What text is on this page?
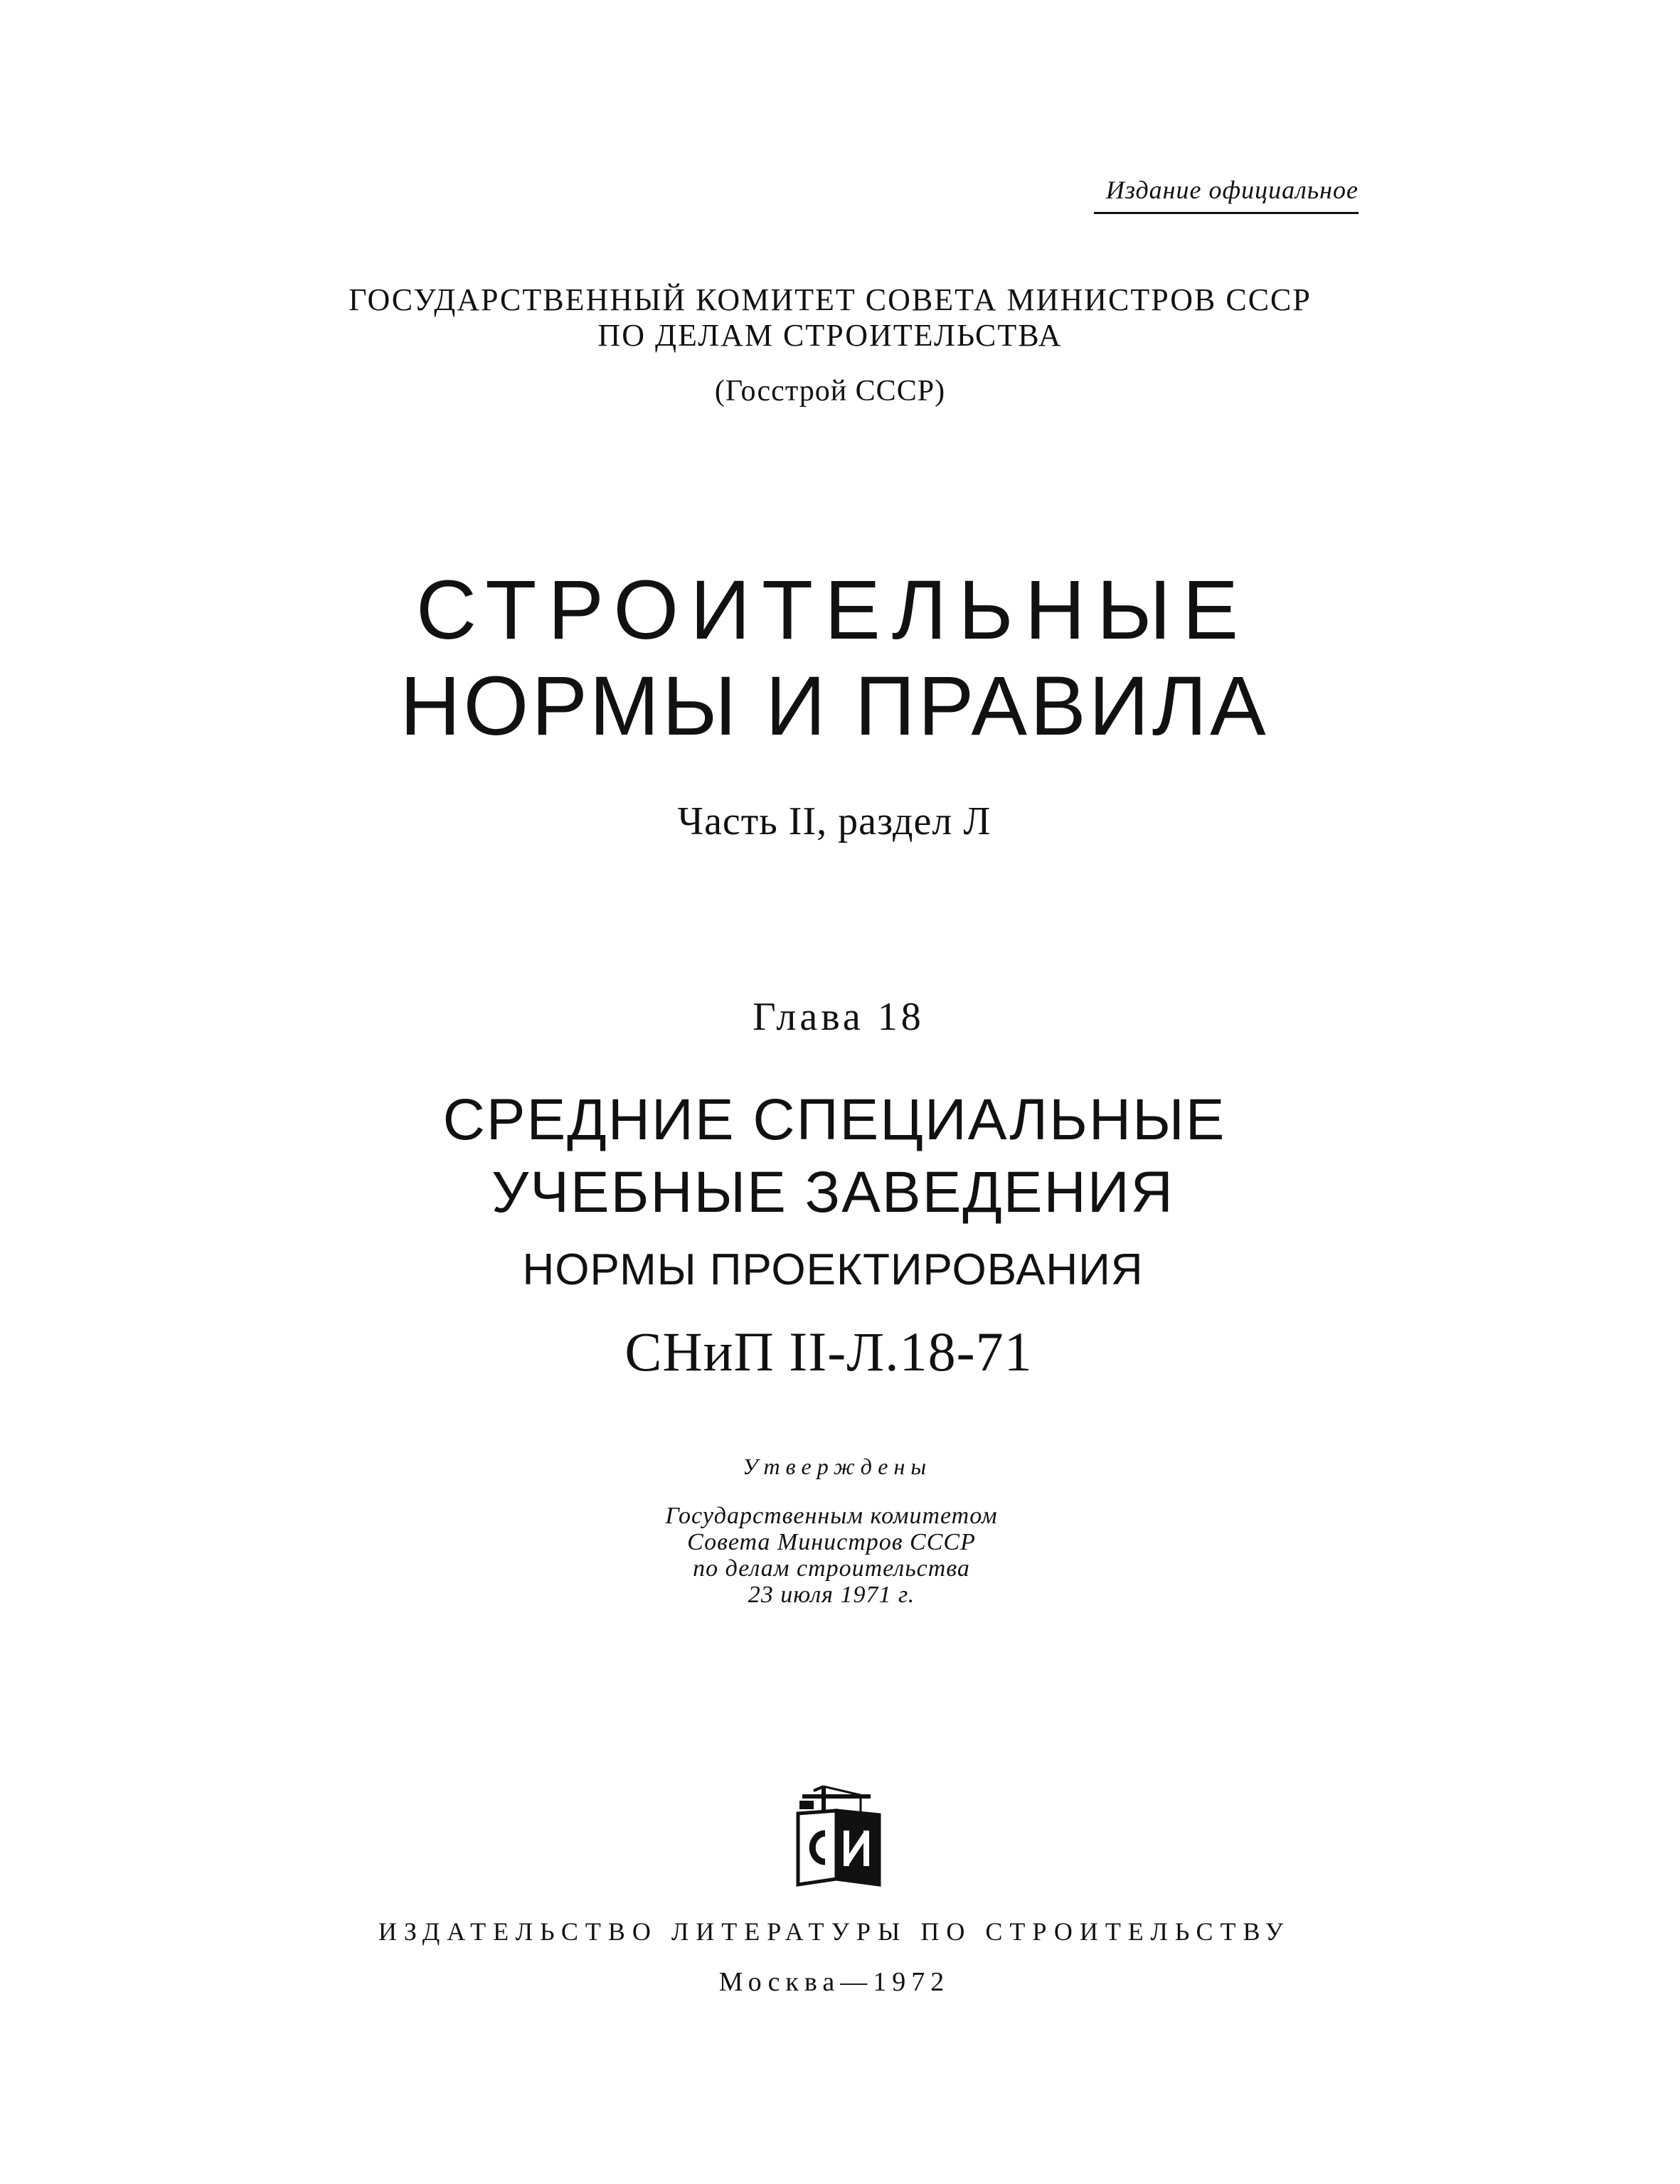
Издание официальное
ГОСУДАРСТВЕННЫЙ КОМИТЕТ СОВЕТА МИНИСТРОВ СССР
ПО ДЕЛАМ СТРОИТЕЛЬСТВА
(Госстрой СССР)
СТРОИТЕЛЬНЫЕ
НОРМЫ И ПРАВИЛА
Часть II, раздел Л
Глава 18
СРЕДНИЕ СПЕЦИАЛЬНЫЕ
УЧЕБНЫЕ ЗАВЕДЕНИЯ
НОРМЫ ПРОЕКТИРОВАНИЯ
СНиП II-Л.18-71
Утверждены
Государственным комитетом
Совета Министров СССР
по делам строительства
23 июля 1971 г.
ИЗДАТЕЛЬСТВО ЛИТЕРАТУРЫ ПО СТРОИТЕЛЬСТВУ
Москва—1972
